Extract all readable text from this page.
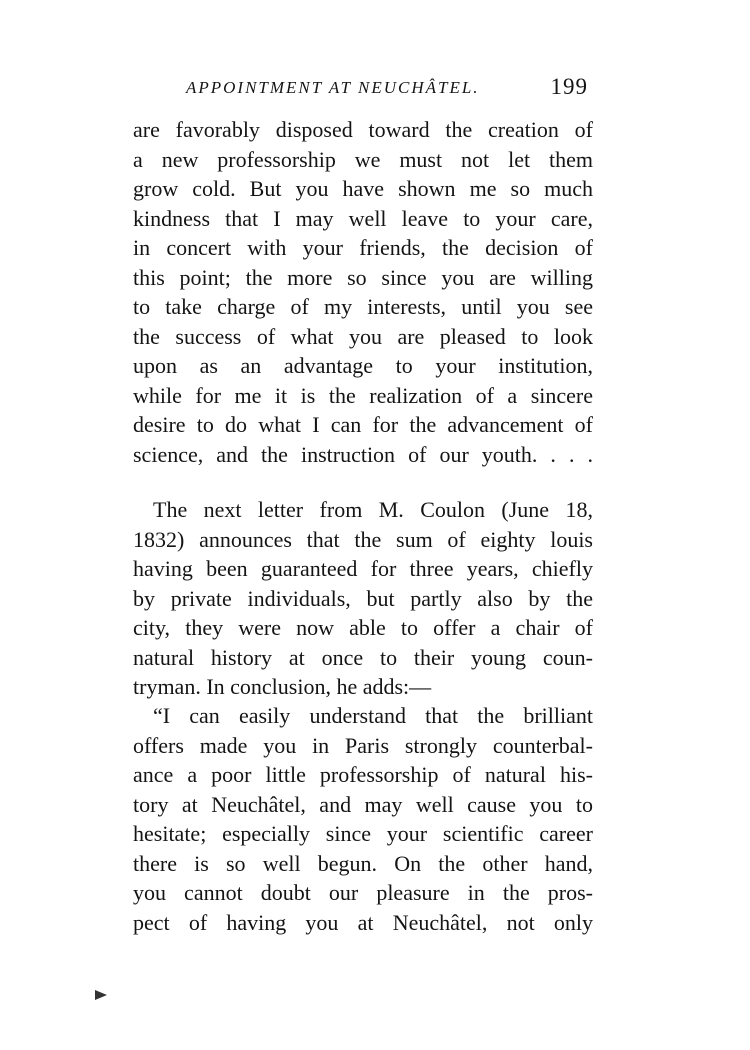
APPOINTMENT AT NEUCHÂTEL.	199
are favorably disposed toward the creation of
a new professorship we must not let them
grow cold. But you have shown me so much
kindness that I may well leave to your care,
in concert with your friends, the decision of
this point; the more so since you are willing
to take charge of my interests, until you see
the success of what you are pleased to look
upon as an advantage to your institution,
while for me it is the realization of a sincere
desire to do what I can for the advancement of
science, and the instruction of our youth. . . .
The next letter from M. Coulon (June 18,
1832) announces that the sum of eighty louis
having been guaranteed for three years, chiefly
by private individuals, but partly also by the
city, they were now able to offer a chair of
natural history at once to their young coun-
tryman. In conclusion, he adds:—
“I can easily understand that the brilliant
offers made you in Paris strongly counterbal-
ance a poor little professorship of natural his-
tory at Neuchâtel, and may well cause you to
hesitate; especially since your scientific career
there is so well begun. On the other hand,
you cannot doubt our pleasure in the pros-
pect of having you at Neuchâtel, not only
